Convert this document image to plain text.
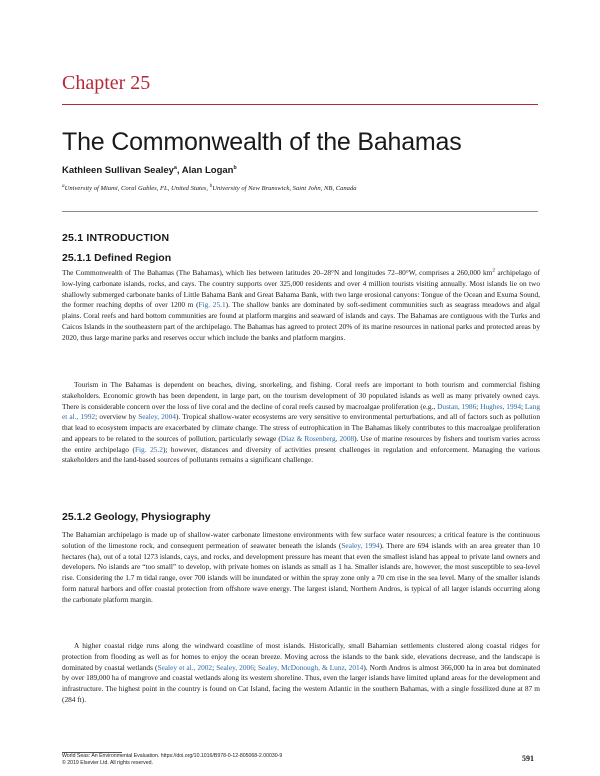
Chapter 25
The Commonwealth of the Bahamas
Kathleen Sullivan Sealey$^a$, Alan Logan$^b$
$^a$University of Miami, Coral Gables, FL, United States, $^b$University of New Brunswick, Saint John, NB, Canada
25.1 INTRODUCTION
25.1.1 Defined Region

The Commonwealth of The Bahamas (The Bahamas), which lies between latitudes 20–28°N and longitudes 72–80°W, comprises a 260,000 $km^2$ archipelago of low-lying carbonate islands, rocks, and cays. The country supports over 325,000 residents and over 4 million tourists visiting annually. Most islands lie on two shallowly submerged carbonate banks of Little Bahama Bank and Great Bahama Bank, with two large erosional canyons: Tongue of the Ocean and Exuma Sound, the former reaching depths of over 1200 m (Fig. 25.1). The shallow banks are dominated by soft-sediment communities such as seagrass meadows and algal plains. Coral reefs and hard bottom communities are found at platform margins and seaward of islands and cays. The Bahamas are contiguous with the Turks and Caicos Islands in the southeastern part of the archipelago. The Bahamas has agreed to protect 20% of its marine resources in national parks and protected areas by 2020, thus large marine parks and reserves occur which include the banks and platform margins.

Tourism in The Bahamas is dependent on beaches, diving, snorkeling, and fishing. Coral reefs are important to both tourism and commercial fishing stakeholders. Economic growth has been dependent, in large part, on the tourism development of 30 populated islands as well as many privately owned cays. There is considerable concern over the loss of live coral and the decline of coral reefs caused by macroalgae proliferation (e.g., Dustan, 1986; Hughes, 1994; Lang et al., 1992; overview by Sealey, 2004). Tropical shallow-water ecosystems are very sensitive to environmental perturbations, and all of factors such as pollution that lead to ecosystem impacts are exacerbated by climate change. The stress of eutrophication in The Bahamas likely contributes to this macroalgae proliferation and appears to be related to the sources of pollution, particularly sewage (Díaz & Rosenberg, 2008). Use of marine resources by fishers and tourism varies across the entire archipelago (Fig. 25.2); however, distances and diversity of activities present challenges in regulation and enforcement. Managing the various stakeholders and the land-based sources of pollutants remains a significant challenge.

25.1.2 Geology, Physiography

The Bahamian archipelago is made up of shallow-water carbonate limestone environments with few surface water resources; a critical feature is the continuous solution of the limestone rock, and consequent permeation of seawater beneath the islands (Sealey, 1994). There are 694 islands with an area greater than 10 hectares (ha), out of a total 1273 islands, cays, and rocks, and development pressure has meant that even the smallest island has appeal to private land owners and developers. No islands are “too small” to develop, with private homes on islands as small as 1 ha. Smaller islands are, however, the most susceptible to sea-level rise. Considering the 1.7 m tidal range, over 700 islands will be inundated or within the spray zone only a 70 cm rise in the sea level. Many of the smaller islands form natural harbors and offer coastal protection from offshore wave energy. The largest island, Northern Andros, is typical of all larger islands occurring along the carbonate platform margin.

A higher coastal ridge runs along the windward coastline of most islands. Historically, small Bahamian settlements clustered along coastal ridges for protection from flooding as well as for homes to enjoy the ocean breeze. Moving across the islands to the bank side, elevations decrease, and the landscape is dominated by coastal wetlands (Sealey et al., 2002; Sealey, 2006; Sealey, McDonough, & Lunz, 2014). North Andros is almost 366,000 ha in area but dominated by over 189,000 ha of mangrove and coastal wetlands along its western shoreline. Thus, even the larger islands have limited upland areas for the development and infrastructure. The highest point in the country is found on Cat Island, facing the western Atlantic in the southern Bahamas, with a single fossilized dune at 87 m (284 ft).

World Seas: An Environmental Evaluation. https://doi.org/10.1016/B978-0-12-805068-2.00030-9
© 2019 Elsevier Ltd. All rights reserved.	591
